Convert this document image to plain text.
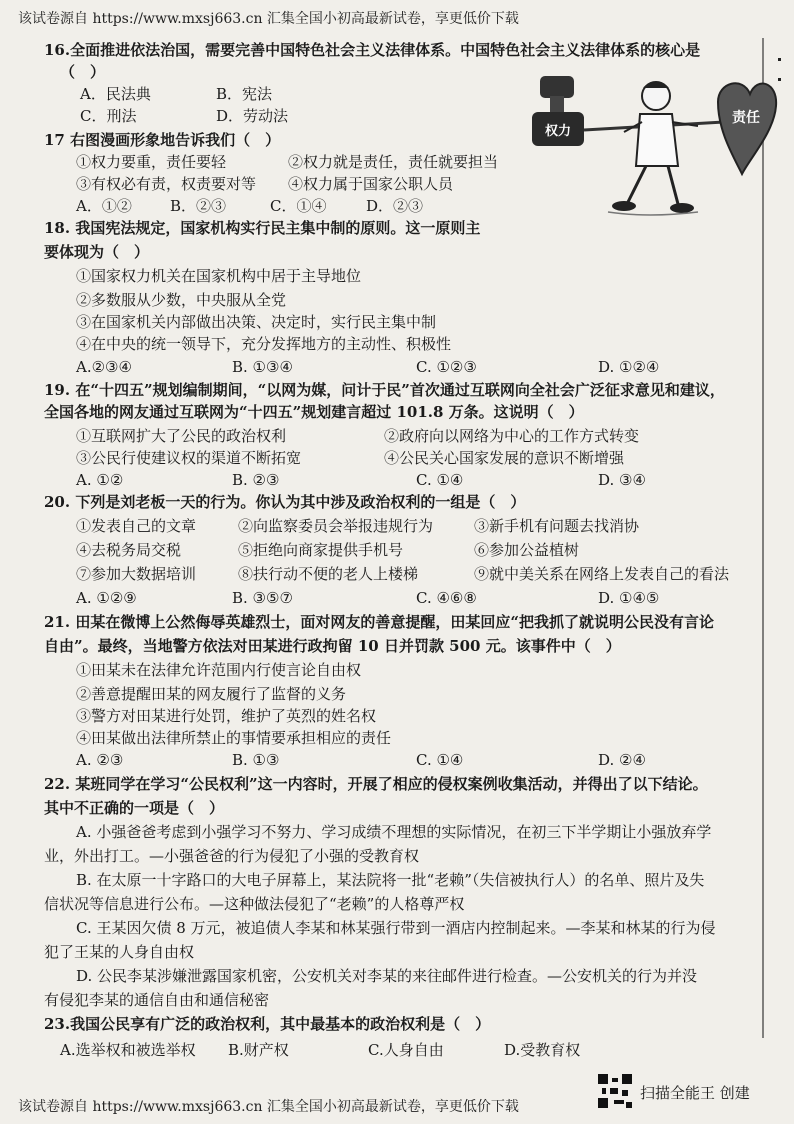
该试卷源自 https://www.mxsj663.cn 汇集全国小初高最新试卷，享更低价下载
16.全面推进依法治国，需要完善中国特色社会主义法律体系。中国特色社会主义法律体系的核心是
（　）
A．民法典	B．宪法
C．刑法	D．劳动法
17 右图漫画形象地告诉我们（　）
①权力要重，责任要轻	②权力就是责任，责任就要担当
③有权必有责，权责要对等 ④权力属于国家公职人员
A．①②	B．②③	C．①④	D．②③
权力
责任
18. 我国宪法规定，国家机构实行民主集中制的原则。这一原则主
要体现为（　）
①国家权力机关在国家机构中居于主导地位
②多数服从少数，中央服从全党
③在国家机关内部做出决策、决定时，实行民主集中制
④在中央的统一领导下，充分发挥地方的主动性、积极性
A.②③④	B. ①③④	C. ①②③	D. ①②④
19. 在“十四五”规划编制期间，“以网为媒，问计于民”首次通过互联网向全社会广泛征求意见和建议，
全国各地的网友通过互联网为“十四五”规划建言超过 101.8 万条。这说明（　）
①互联网扩大了公民的政治权利	②政府向以网络为中心的工作方式转变
③公民行使建议权的渠道不断拓宽	④公民关心国家发展的意识不断增强
A. ①②	B. ②③	C. ①④	D. ③④
20. 下列是刘老板一天的行为。你认为其中涉及政治权利的一组是（　）
①发表自己的文章	②向监察委员会举报违规行为	③新手机有问题去找消协
④去税务局交税	⑤拒绝向商家提供手机号	⑥参加公益植树
⑦参加大数据培训	⑧扶行动不便的老人上楼梯	⑨就中美关系在网络上发表自己的看法
A. ①②⑨	B. ③⑤⑦	C. ④⑥⑧	D. ①④⑤
21. 田某在微博上公然侮辱英雄烈士，面对网友的善意提醒，田某回应“把我抓了就说明公民没有言论
自由”。最终，当地警方依法对田某进行政拘留 10 日并罚款 500 元。该事件中（　）
①田某未在法律允许范围内行使言论自由权
②善意提醒田某的网友履行了监督的义务
③警方对田某进行处罚，维护了英烈的姓名权
④田某做出法律所禁止的事情要承担相应的责任
A. ②③	B. ①③	C. ①④	D. ②④
22. 某班同学在学习“公民权利”这一内容时，开展了相应的侵权案例收集活动，并得出了以下结论。
其中不正确的一项是（　）
A. 小强爸爸考虑到小强学习不努力、学习成绩不理想的实际情况，在初三下半学期让小强放弃学
业，外出打工。—小强爸爸的行为侵犯了小强的受教育权
B. 在太原一十字路口的大电子屏幕上，某法院将一批“老赖”（失信被执行人）的名单、照片及失
信状况等信息进行公布。—这种做法侵犯了“老赖”的人格尊严权
C. 王某因欠债 8 万元，被追债人李某和林某强行带到一酒店内控制起来。—李某和林某的行为侵
犯了王某的人身自由权
D. 公民李某涉嫌泄露国家机密，公安机关对李某的来往邮件进行检查。—公安机关的行为并没
有侵犯李某的通信自由和通信秘密
23.我国公民享有广泛的政治权利，其中最基本的政治权利是（　）
A.选举权和被选举权 B.财产权	C.人身自由	D.受教育权
该试卷源自 https://www.mxsj663.cn 汇集全国小初高最新试卷，享更低价下载
扫描全能王 创建
